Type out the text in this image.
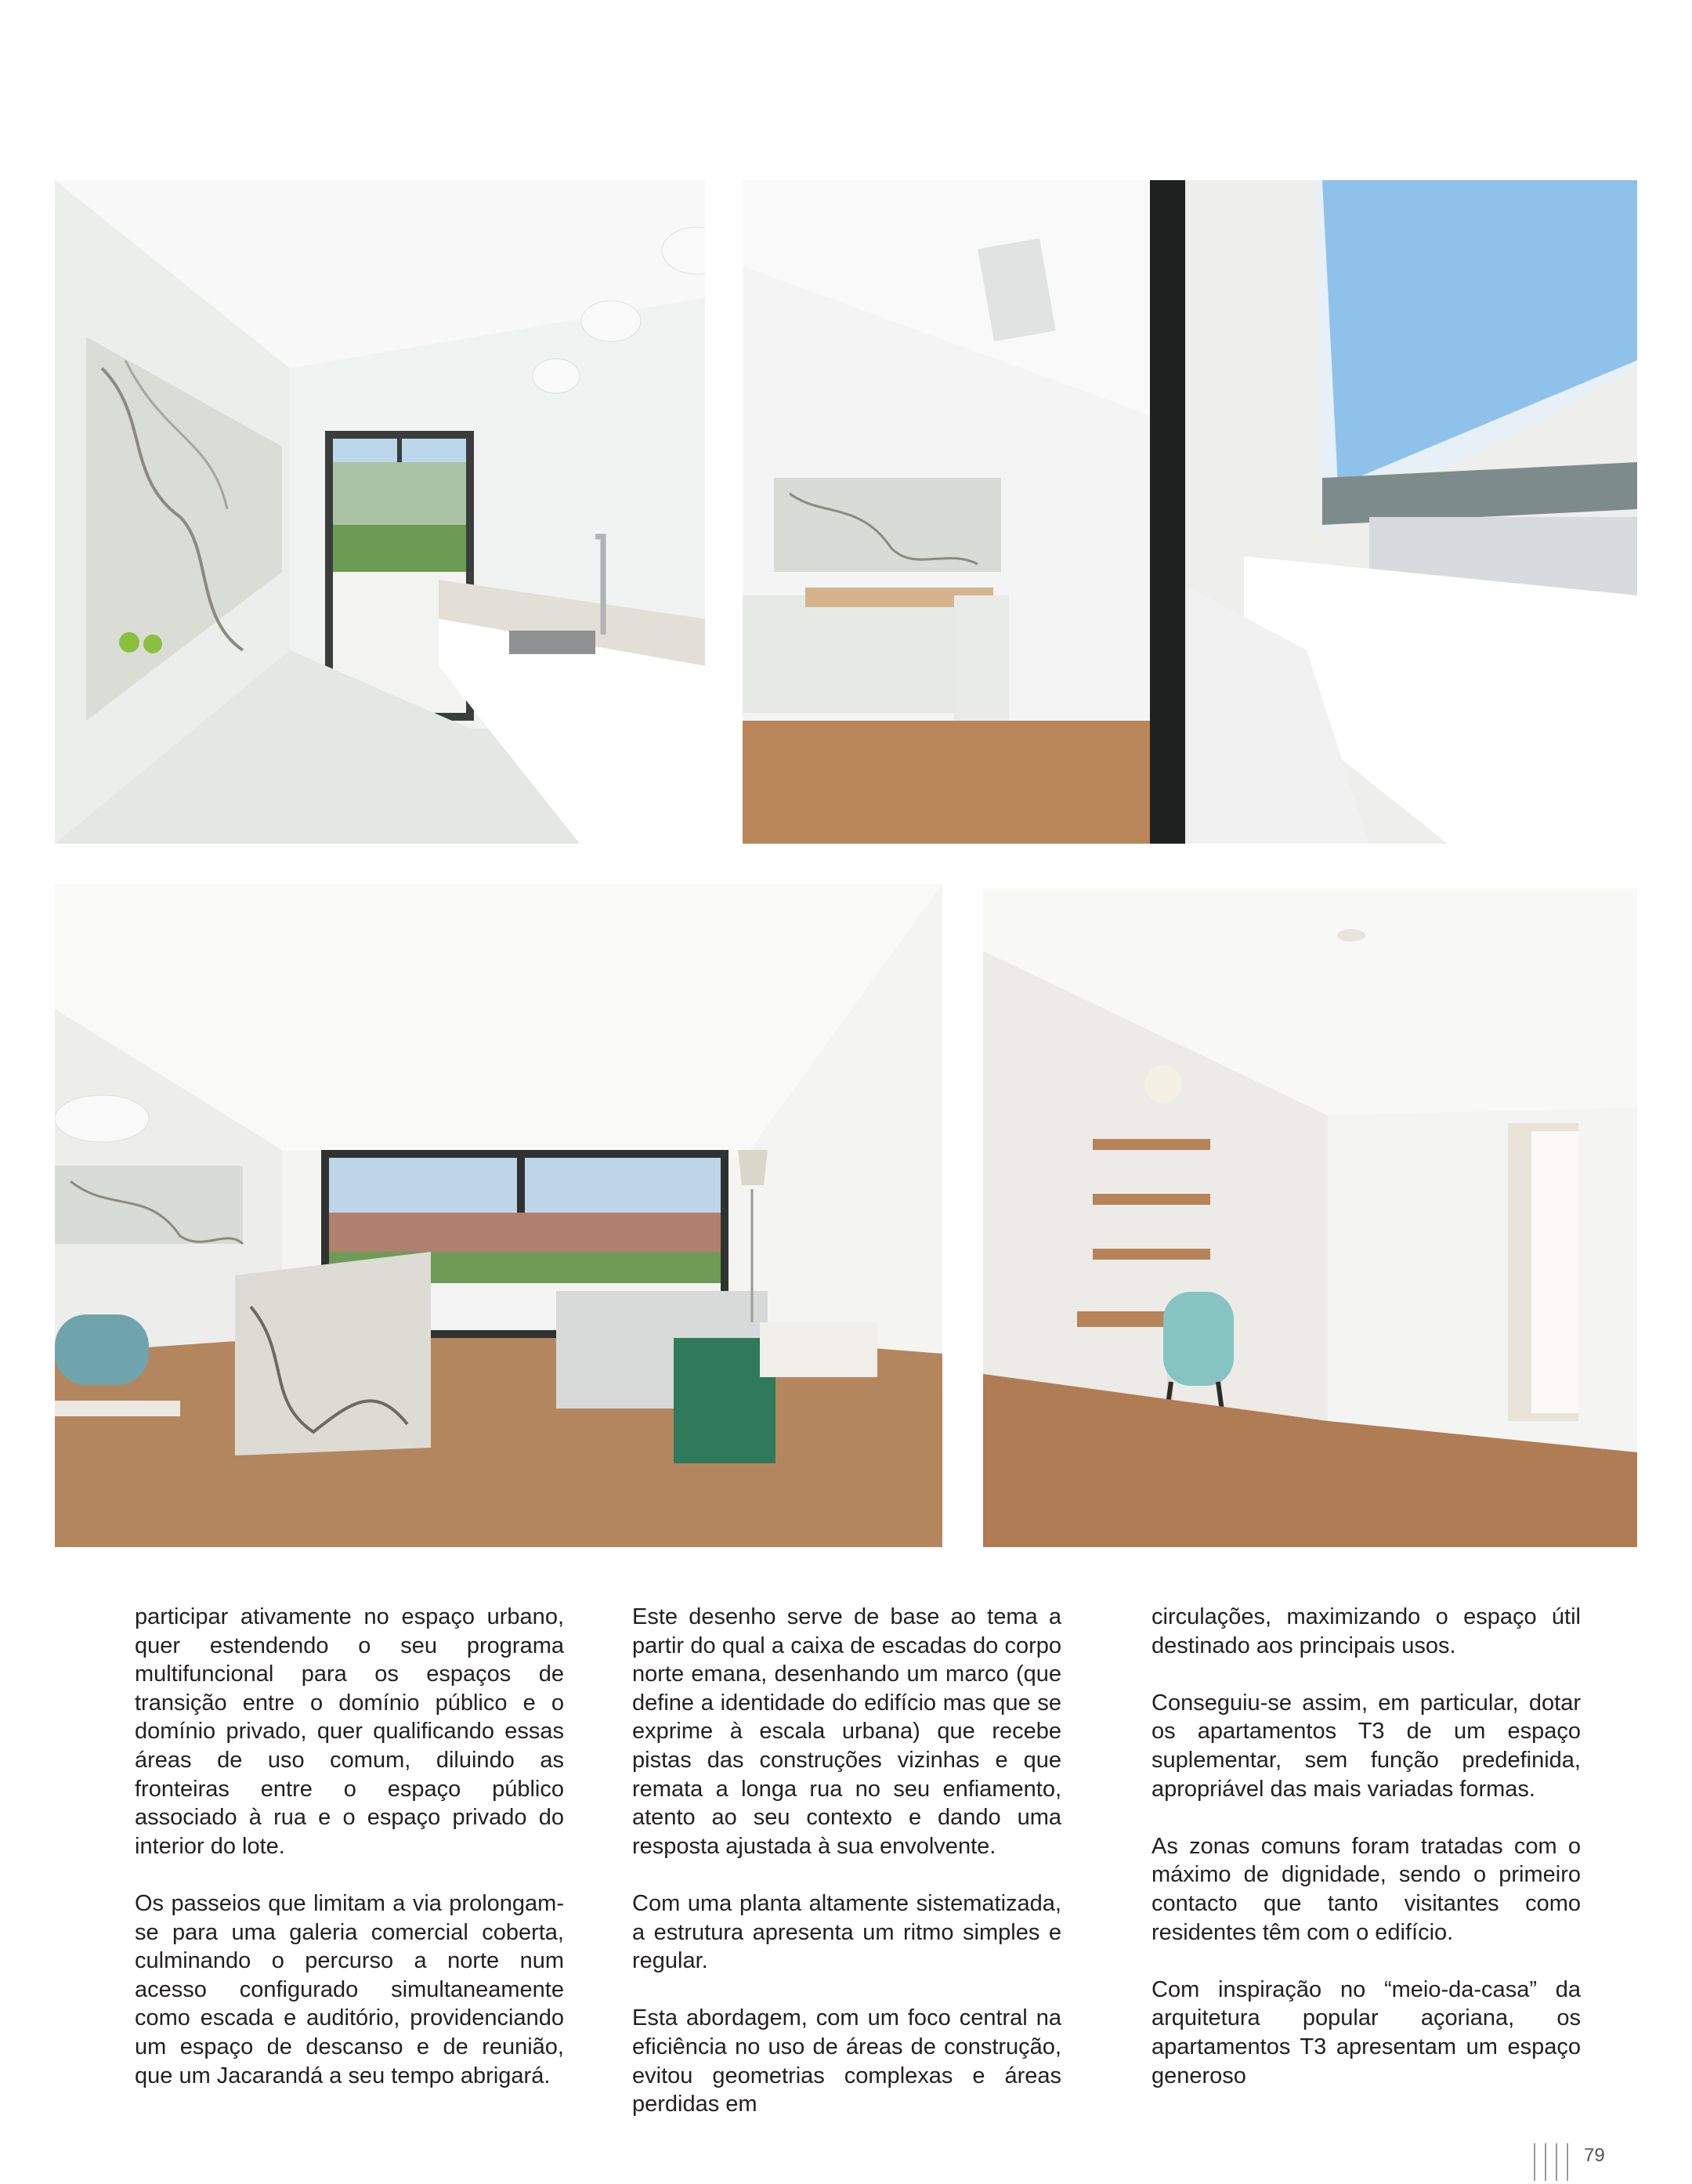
participar ativamente no espaço urbano, quer estendendo o seu programa multifuncional para os espaços de transição entre o domínio público e o domínio privado, quer qualificando essas áreas de uso comum, diluindo as fronteiras entre o espaço público associado à rua e o espaço privado do interior do lote.

Os passeios que limitam a via prolongam-se para uma galeria comercial coberta, culminando o percurso a norte num acesso configurado simultaneamente como escada e auditório, providenciando um espaço de descanso e de reunião, que um Jacarandá a seu tempo abrigará.

Este desenho serve de base ao tema a partir do qual a caixa de escadas do corpo norte emana, desenhando um marco (que define a identidade do edifício mas que se exprime à escala urbana) que recebe pistas das construções vizinhas e que remata a longa rua no seu enfiamento, atento ao seu contexto e dando uma resposta ajustada à sua envolvente.

Com uma planta altamente sistematizada, a estrutura apresenta um ritmo simples e regular.

Esta abordagem, com um foco central na eficiência no uso de áreas de construção, evitou geometrias complexas e áreas perdidas em

circulações, maximizando o espaço útil destinado aos principais usos.

Conseguiu-se assim, em particular, dotar os apartamentos T3 de um espaço suplementar, sem função predefinida, apropriável das mais variadas formas.

As zonas comuns foram tratadas com o máximo de dignidade, sendo o primeiro contacto que tanto visitantes como residentes têm com o edifício.

Com inspiração no “meio-da-casa” da arquitetura popular açoriana, os apartamentos T3 apresentam um espaço generoso

79
